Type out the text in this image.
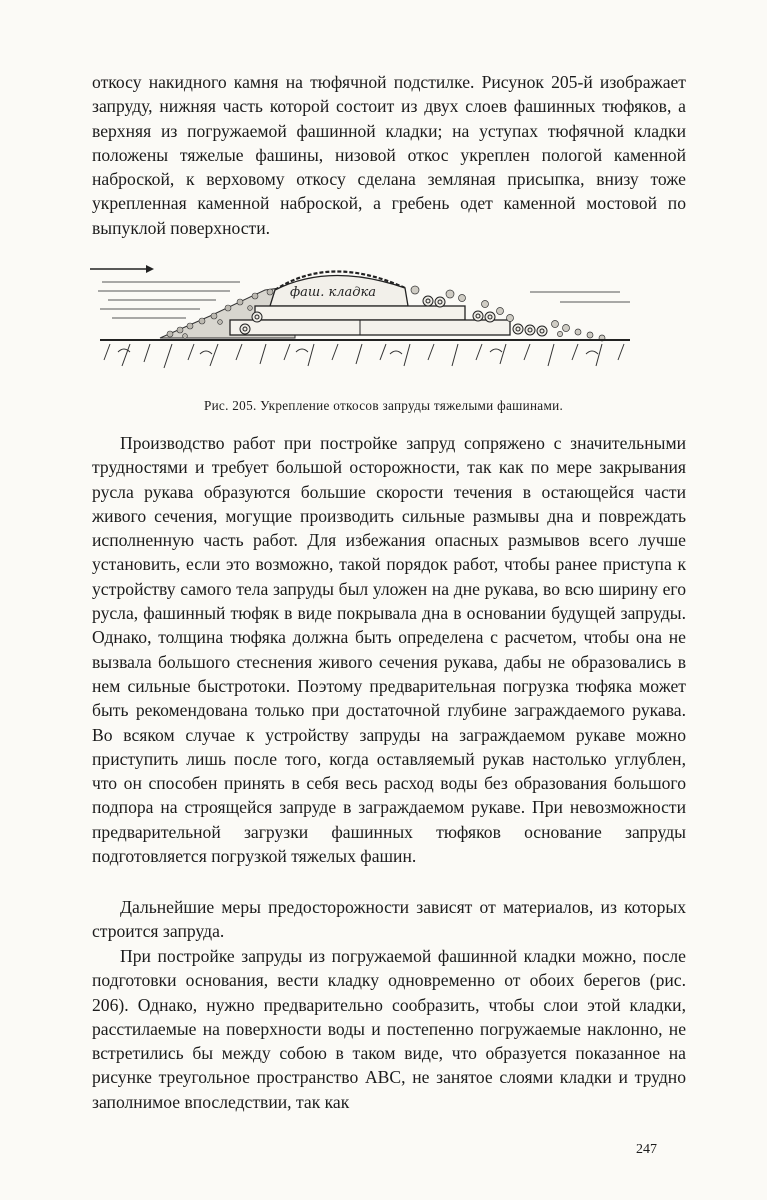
откосу накидного камня на тюфячной подстилке. Рисунок 205-й изображает запруду, нижняя часть которой состоит из двух слоев фашинных тюфяков, а верхняя из погружаемой фашинной кладки; на уступах тюфячной кладки положены тяжелые фашины, низовой откос укреплен пологой каменной наброской, к верховому откосу сделана земляная присыпка, внизу тоже укрепленная каменной наброской, а гребень одет каменной мостовой по выпуклой поверхности.

фаш. кладка
Рис. 205. Укрепление откосов запруды тяжелыми фашинами.

Производство работ при постройке запруд сопряжено с значительными трудностями и требует большой осторожности, так как по мере закрывания русла рукава образуются большие скорости течения в остающейся части живого сечения, могущие производить сильные размывы дна и повреждать исполненную часть работ. Для избежания опасных размывов всего лучше установить, если это возможно, такой порядок работ, чтобы ранее приступа к устройству самого тела запруды был уложен на дне рукава, во всю ширину его русла, фашинный тюфяк в виде покрывала дна в основании будущей запруды. Однако, толщина тюфяка должна быть определена с расчетом, чтобы она не вызвала большого стеснения живого сечения рукава, дабы не образовались в нем сильные быстротоки. Поэтому предварительная погрузка тюфяка может быть рекомендована только при достаточной глубине заграждаемого рукава. Во всяком случае к устройству запруды на заграждаемом рукаве можно приступить лишь после того, когда оставляемый рукав настолько углублен, что он способен принять в себя весь расход воды без образования большого подпора на строящейся запруде в заграждаемом рукаве. При невозможности предварительной загрузки фашинных тюфяков основание запруды подготовляется погрузкой тяжелых фашин.

Дальнейшие меры предосторожности зависят от материалов, из которых строится запруда.

При постройке запруды из погружаемой фашинной кладки можно, после подготовки основания, вести кладку одновременно от обоих берегов (рис. 206). Однако, нужно предварительно сообразить, чтобы слои этой кладки, расстилаемые на поверхности воды и постепенно погружаемые наклонно, не встретились бы между собою в таком виде, что образуется показанное на рисунке треугольное пространство ABC, не занятое слоями кладки и трудно заполнимое впоследствии, так как

247
